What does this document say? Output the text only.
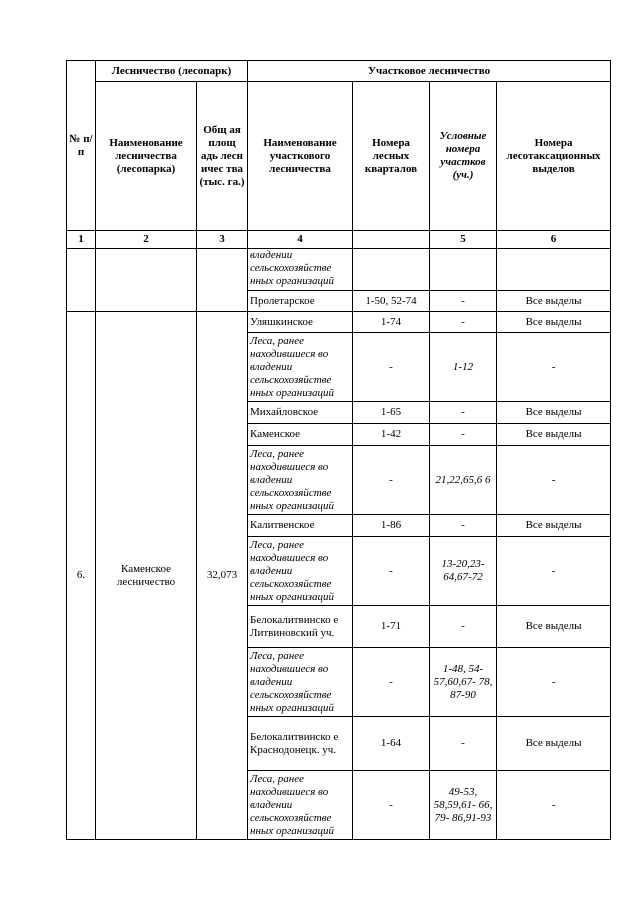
№ п/п	Лесничество (лесопарк)		Участковое лесничество			
	Наименование лесничества (лесопарка)	Общ ая площ адь лесн ичес тва (тыс. га.)	Наименование участкового лесничества	Номера лесных кварталов	Условные номера участков (уч.)	Номера лесотаксационных выделов
1	2	3	4		5	6
			владении сельскохозяйстве нных организаций			
			Пролетарское	1-50, 52-74	-	Все выделы
6.	Каменское лесничество	32,073	Уляшкинское	1-74	-	Все выделы
			Леса, ранее находившиеся во владении сельскохозяйстве нных организаций	-	1-12	-
			Михайловское	1-65	-	Все выделы
			Каменское	1-42	-	Все выделы
			Леса, ранее находившиеся во владении сельскохозяйстве нных организаций	-	21,22,65,6 6	-
			Калитвенское	1-86	-	Все выделы
			Леса, ранее находившиеся во владении сельскохозяйстве нных организаций	-	13-20,23- 64,67-72	-
			Белокалитвинско е Литвиновский уч.	1-71	-	Все выделы
			Леса, ранее находившиеся во владении сельскохозяйстве нных организаций	-	1-48, 54- 57,60,67- 78, 87-90	-
			Белокалитвинско е Краснодонецк. уч.	1-64	-	Все выделы
			Леса, ранее находившиеся во владении сельскохозяйстве нных организаций	-	49-53, 58,59,61- 66, 79- 86,91-93	-
